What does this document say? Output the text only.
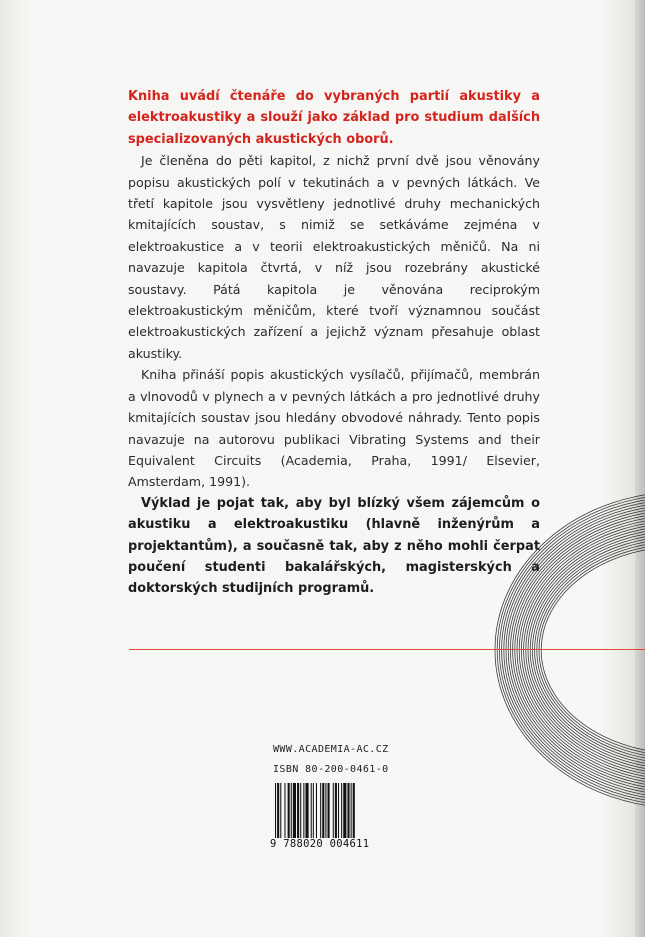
Kniha uvádí čtenáře do vybraných partií akustiky a elektroakustiky a slouží jako základ pro studium dalších specializovaných akustických oborů.

Je členěna do pěti kapitol, z nichž první dvě jsou věnovány popisu akustických polí v tekutinách a v pevných látkách. Ve třetí kapitole jsou vysvětleny jednotlivé druhy mechanických kmitajících soustav, s nimiž se setkáváme zejména v elektroakustice a v teorii elektroakustických měničů. Na ni navazuje kapitola čtvrtá, v níž jsou rozebrány akustické soustavy. Pátá kapitola je věnována reciprokým elektroakustickým měničům, které tvoří významnou součást elektroakustických zařízení a jejichž význam přesahuje oblast akustiky.

Kniha přináší popis akustických vysílačů, přijímačů, membrán a vlnovodů v plynech a v pevných látkách a pro jednotlivé druhy kmitajících soustav jsou hledány obvodové náhrady. Tento popis navazuje na autorovu publikaci Vibrating Systems and their Equivalent Circuits (Academia, Praha, 1991/ Elsevier, Amsterdam, 1991).

Výklad je pojat tak, aby byl blízký všem zájemcům o akustiku a elektroakustiku (hlavně inženýrům a projektantům), a současně tak, aby z něho mohli čerpat poučení studenti bakalářských, magisterských a doktorských studijních programů.

WWW.ACADEMIA-AC.CZ
ISBN 80-200-0461-0
9 788020 004611
